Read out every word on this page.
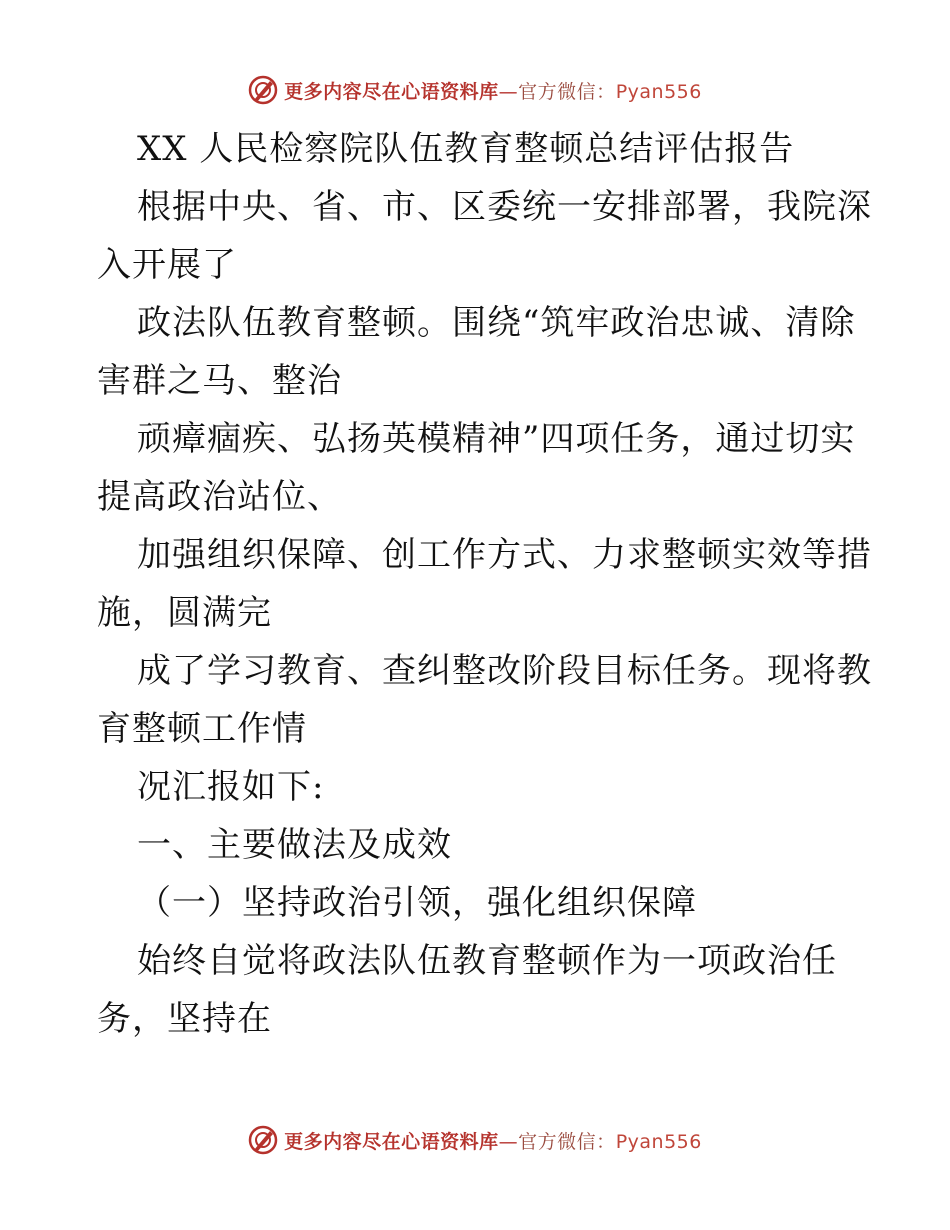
更多内容尽在心语资料库—官方微信：Pyan556
XX 人民检察院队伍教育整顿总结评估报告
根据中央、省、市、区委统一安排部署，我院深
入开展了
政法队伍教育整顿。围绕“筑牢政治忠诚、清除
害群之马、整治
顽瘴痼疾、弘扬英模精神”四项任务，通过切实
提高政治站位、
加强组织保障、创工作方式、力求整顿实效等措
施，圆满完
成了学习教育、查纠整改阶段目标任务。现将教
育整顿工作情
况汇报如下:
一、主要做法及成效
（一）坚持政治引领，强化组织保障
始终自觉将政法队伍教育整顿作为一项政治任
务，坚持在
更多内容尽在心语资料库—官方微信：Pyan556
